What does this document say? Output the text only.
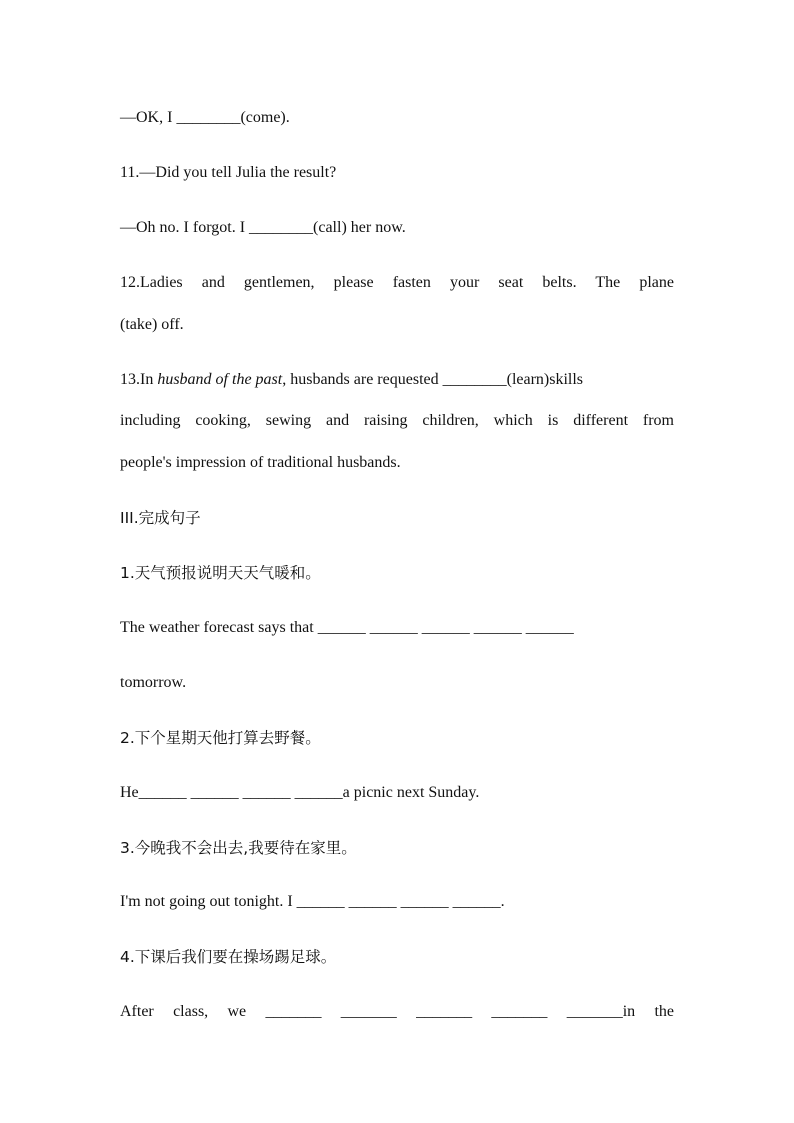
—OK, I ________(come).
11.—Did you tell Julia the result?
—Oh no. I forgot. I ________(call) her now.
12.Ladies and gentlemen, please fasten your seat belts. The plane
(take) off.
13.In husband of the past, husbands are requested ________(learn)skills
including cooking, sewing and raising children, which is different from
people's impression of traditional husbands.
III.完成句子
1.天气预报说明天天气暖和。
The weather forecast says that ______ ______ ______ ______ ______
tomorrow.
2.下个星期天他打算去野餐。
He______ ______ ______ ______a picnic next Sunday.
3.今晚我不会出去,我要待在家里。
I'm not going out tonight. I ______ ______ ______ ______.
4.下课后我们要在操场踢足球。
After class, we _______ _______ _______ _______ _______in the
